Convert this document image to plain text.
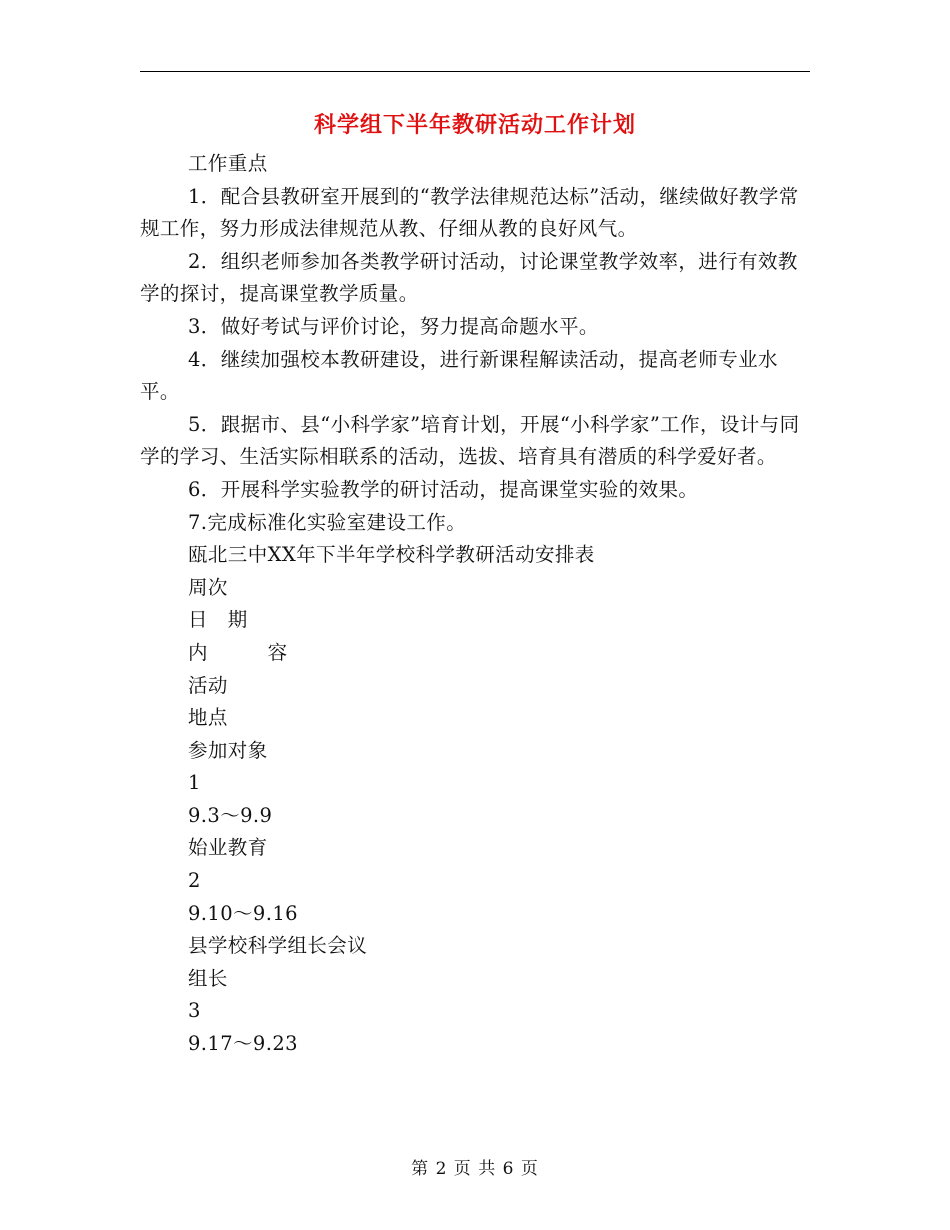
科学组下半年教研活动工作计划

工作重点

1．配合县教研室开展到的“教学法律规范达标”活动，继续做好教学常规工作，努力形成法律规范从教、仔细从教的良好风气。

2．组织老师参加各类教学研讨活动，讨论课堂教学效率，进行有效教学的探讨，提高课堂教学质量。

3．做好考试与评价讨论，努力提高命题水平。

4．继续加强校本教研建设，进行新课程解读活动，提高老师专业水平。

5．跟据市、县“小科学家”培育计划，开展“小科学家”工作，设计与同学的学习、生活实际相联系的活动，选拔、培育具有潜质的科学爱好者。

6．开展科学实验教学的研讨活动，提高课堂实验的效果。

7.完成标准化实验室建设工作。

瓯北三中XX年下半年学校科学教研活动安排表

周次

日　期

内　　　容

活动

地点

参加对象

1

9.3～9.9

始业教育

2

9.10～9.16

县学校科学组长会议

组长

3

9.17～9.23

第 2 页 共 6 页
